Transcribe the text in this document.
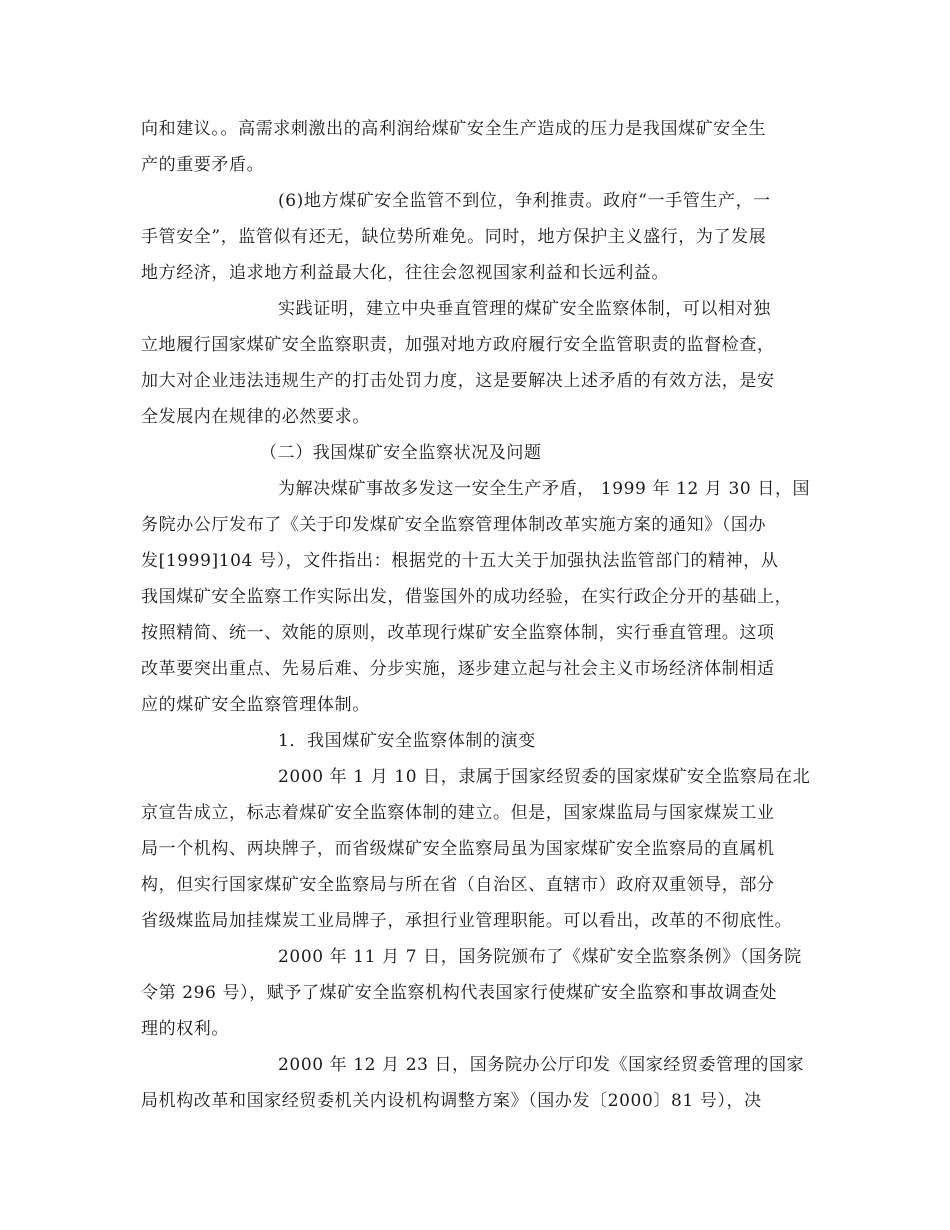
向和建议。。高需求刺激出的高利润给煤矿安全生产造成的压力是我国煤矿安全生
产的重要矛盾。
(6)地方煤矿安全监管不到位，争利推责。政府“一手管生产，一
手管安全”，监管似有还无，缺位势所难免。同时，地方保护主义盛行，为了发展
地方经济，追求地方利益最大化，往往会忽视国家利益和长远利益。
实践证明，建立中央垂直管理的煤矿安全监察体制，可以相对独
立地履行国家煤矿安全监察职责，加强对地方政府履行安全监管职责的监督检查，
加大对企业违法违规生产的打击处罚力度，这是要解决上述矛盾的有效方法，是安
全发展内在规律的必然要求。
（二）我国煤矿安全监察状况及问题
为解决煤矿事故多发这一安全生产矛盾， 1999 年 12 月 30 日，国
务院办公厅发布了《关于印发煤矿安全监察管理体制改革实施方案的通知》（国办
发[1999]104 号），文件指出：根据党的十五大关于加强执法监管部门的精神，从
我国煤矿安全监察工作实际出发，借鉴国外的成功经验，在实行政企分开的基础上，
按照精简、统一、效能的原则，改革现行煤矿安全监察体制，实行垂直管理。这项
改革要突出重点、先易后难、分步实施，逐步建立起与社会主义市场经济体制相适
应的煤矿安全监察管理体制。
1．我国煤矿安全监察体制的演变
2000 年 1 月 10 日，隶属于国家经贸委的国家煤矿安全监察局在北
京宣告成立，标志着煤矿安全监察体制的建立。但是，国家煤监局与国家煤炭工业
局一个机构、两块牌子，而省级煤矿安全监察局虽为国家煤矿安全监察局的直属机
构，但实行国家煤矿安全监察局与所在省（自治区、直辖市）政府双重领导，部分
省级煤监局加挂煤炭工业局牌子，承担行业管理职能。可以看出，改革的不彻底性。
2000 年 11 月 7 日，国务院颁布了《煤矿安全监察条例》（国务院
令第 296 号），赋予了煤矿安全监察机构代表国家行使煤矿安全监察和事故调查处
理的权利。
2000 年 12 月 23 日，国务院办公厅印发《国家经贸委管理的国家
局机构改革和国家经贸委机关内设机构调整方案》（国办发〔2000〕81 号），决
